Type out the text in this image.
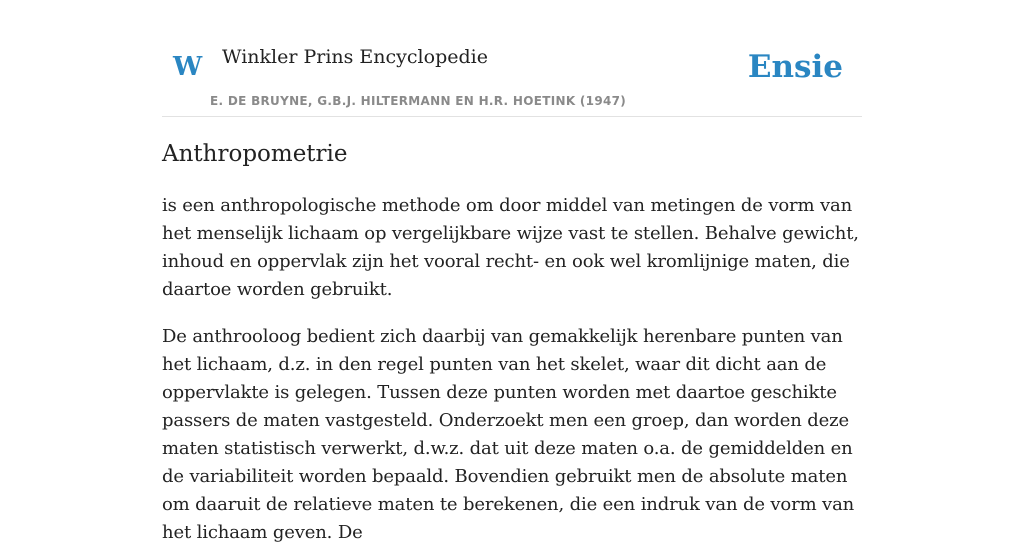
W Winkler Prins Encyclopedie
E. DE BRUYNE, G.B.J. HILTERMANN EN H.R. HOETINK (1947)
Ensie
Anthropometrie

is een anthropologische methode om door middel van metingen de vorm van het menselijk lichaam op vergelijkbare wijze vast te stellen. Behalve gewicht, inhoud en oppervlak zijn het vooral recht- en ook wel kromlijnige maten, die daartoe worden gebruikt.

De anthrooloog bedient zich daarbij van gemakkelijk herenbare punten van het lichaam, d.z. in den regel punten van het skelet, waar dit dicht aan de oppervlakte is gelegen. Tussen deze punten worden met daartoe geschikte passers de maten vastgesteld. Onderzoekt men een groep, dan worden deze maten statistisch verwerkt, d.w.z. dat uit deze maten o.a. de gemiddelden en de variabiliteit worden bepaald. Bovendien gebruikt men de absolute maten om daaruit de relatieve maten te berekenen, die een indruk van de vorm van het lichaam geven. De
